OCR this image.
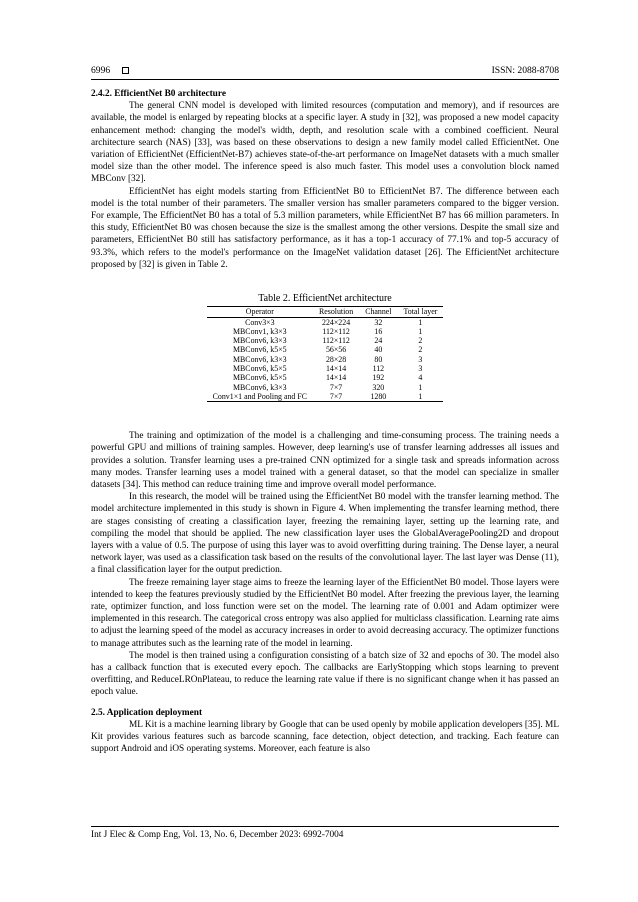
6996	ISSN: 2088-8708
2.4.2. EfficientNet B0 architecture

The general CNN model is developed with limited resources (computation and memory), and if resources are available, the model is enlarged by repeating blocks at a specific layer. A study in [32], was proposed a new model capacity enhancement method: changing the model's width, depth, and resolution scale with a combined coefficient. Neural architecture search (NAS) [33], was based on these observations to design a new family model called EfficientNet. One variation of EfficientNet (EfficientNet-B7) achieves state-of-the-art performance on ImageNet datasets with a much smaller model size than the other model. The inference speed is also much faster. This model uses a convolution block named MBConv [32].

EfficientNet has eight models starting from EfficientNet B0 to EfficientNet B7. The difference between each model is the total number of their parameters. The smaller version has smaller parameters compared to the bigger version. For example, The EfficientNet B0 has a total of 5.3 million parameters, while EfficientNet B7 has 66 million parameters. In this study, EfficientNet B0 was chosen because the size is the smallest among the other versions. Despite the small size and parameters, EfficientNet B0 still has satisfactory performance, as it has a top-1 accuracy of 77.1% and top-5 accuracy of 93.3%, which refers to the model's performance on the ImageNet validation dataset [26]. The EfficientNet architecture proposed by [32] is given in Table 2.

Table 2. EfficientNet architecture
Operator	Resolution	Channel	Total layer
Conv3×3	224×224	32	1
MBConv1, k3×3	112×112	16	1
MBConv6, k3×3	112×112	24	2
MBConv6, k5×5	56×56	40	2
MBConv6, k3×3	28×28	80	3
MBConv6, k5×5	14×14	112	3
MBConv6, k5×5	14×14	192	4
MBConv6, k3×3	7×7	320	1
Conv1×1 and Pooling and FC	7×7	1280	1

The training and optimization of the model is a challenging and time-consuming process. The training needs a powerful GPU and millions of training samples. However, deep learning's use of transfer learning addresses all issues and provides a solution. Transfer learning uses a pre-trained CNN optimized for a single task and spreads information across many modes. Transfer learning uses a model trained with a general dataset, so that the model can specialize in smaller datasets [34]. This method can reduce training time and improve overall model performance.

In this research, the model will be trained using the EfficientNet B0 model with the transfer learning method. The model architecture implemented in this study is shown in Figure 4. When implementing the transfer learning method, there are stages consisting of creating a classification layer, freezing the remaining layer, setting up the learning rate, and compiling the model that should be applied. The new classification layer uses the GlobalAveragePooling2D and dropout layers with a value of 0.5. The purpose of using this layer was to avoid overfitting during training. The Dense layer, a neural network layer, was used as a classification task based on the results of the convolutional layer. The last layer was Dense (11), a final classification layer for the output prediction.

The freeze remaining layer stage aims to freeze the learning layer of the EfficientNet B0 model. Those layers were intended to keep the features previously studied by the EfficientNet B0 model. After freezing the previous layer, the learning rate, optimizer function, and loss function were set on the model. The learning rate of 0.001 and Adam optimizer were implemented in this research. The categorical cross entropy was also applied for multiclass classification. Learning rate aims to adjust the learning speed of the model as accuracy increases in order to avoid decreasing accuracy. The optimizer functions to manage attributes such as the learning rate of the model in learning.

The model is then trained using a configuration consisting of a batch size of 32 and epochs of 30. The model also has a callback function that is executed every epoch. The callbacks are EarlyStopping which stops learning to prevent overfitting, and ReduceLROnPlateau, to reduce the learning rate value if there is no significant change when it has passed an epoch value.

2.5. Application deployment

ML Kit is a machine learning library by Google that can be used openly by mobile application developers [35]. ML Kit provides various features such as barcode scanning, face detection, object detection, and tracking. Each feature can support Android and iOS operating systems. Moreover, each feature is also

Int J Elec & Comp Eng, Vol. 13, No. 6, December 2023: 6992-7004
